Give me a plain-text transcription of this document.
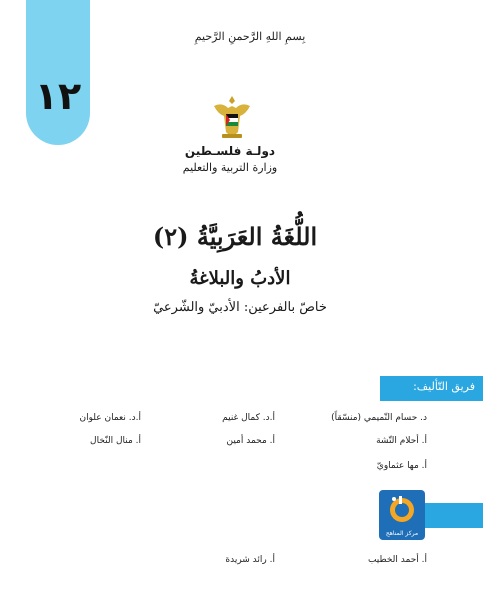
١٢
بِسمِ اللهِ الرَّحمنِ الرَّحيمِ
دولـة فلسـطين
وزارة التربية والتعليم
اللُّغَةُ العَرَبِيَّةُ (٢)
الأدبُ والبلاغةُ
خاصّ بالفرعين: الأدبيّ والشّرعيّ
فريق التّأليف:
د. حسام التّميمي (منسّقاً)
أ.د. كمال غنيم
أ.د. نعمان علوان
أ. أحلام التّشة
أ. محمد أمين
أ. منال النّخال
أ. مها عثماويّ
أ. أحمد الخطيب
أ. رائد شريدة
مركز المناهج
